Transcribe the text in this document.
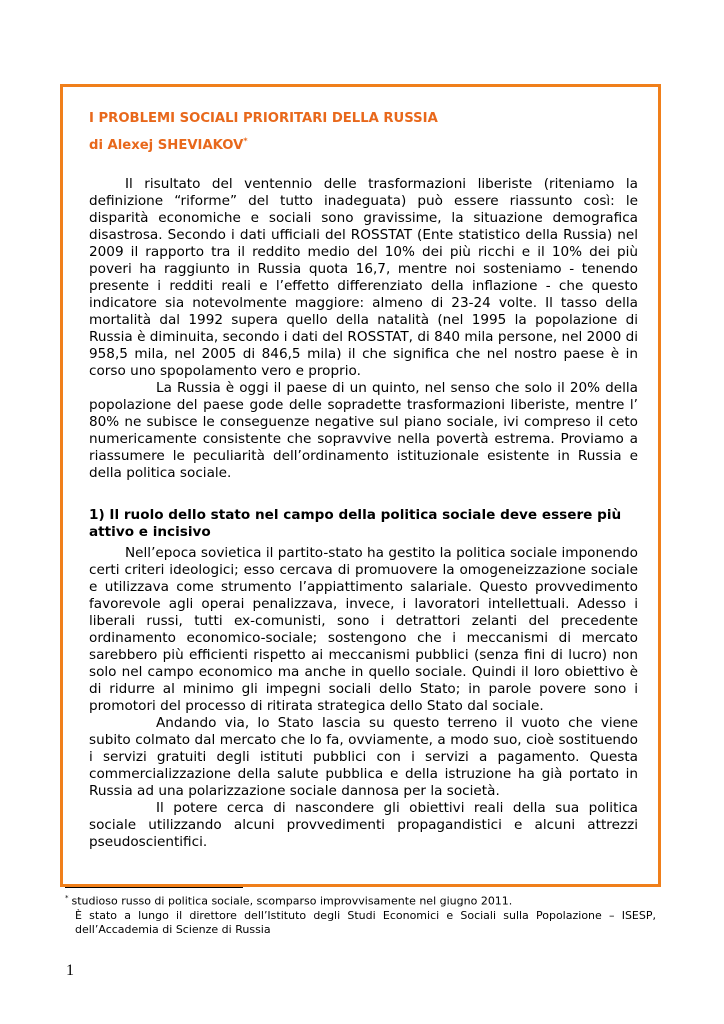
I PROBLEMI SOCIALI PRIORITARI DELLA RUSSIA
di Alexej SHEVIAKOV*

Il risultato del ventennio delle trasformazioni liberiste (riteniamo la definizione “riforme” del tutto inadeguata) può essere riassunto così: le disparità economiche e sociali sono gravissime, la situazione demografica disastrosa. Secondo i dati ufficiali del ROSSTAT (Ente statistico della Russia) nel 2009 il rapporto tra il reddito medio del 10% dei più ricchi e il 10% dei più poveri ha raggiunto in Russia quota 16,7, mentre noi sosteniamo - tenendo presente i redditi reali e l’effetto differenziato della inflazione - che questo indicatore sia notevolmente maggiore: almeno di 23-24 volte. Il tasso della mortalità dal 1992 supera quello della natalità (nel 1995 la popolazione di Russia è diminuita, secondo i dati del ROSSTAT, di 840 mila persone, nel 2000 di 958,5 mila, nel 2005 di 846,5 mila) il che significa che nel nostro paese è in corso uno spopolamento vero e proprio.

La Russia è oggi il paese di un quinto, nel senso che solo il 20% della popolazione del paese gode delle sopradette trasformazioni liberiste, mentre l’ 80% ne subisce le conseguenze negative sul piano sociale, ivi compreso il ceto numericamente consistente che sopravvive nella povertà estrema. Proviamo a riassumere le peculiarità dell’ordinamento istituzionale esistente in Russia e della politica sociale.

1) Il ruolo dello stato nel campo della politica sociale deve essere più attivo e incisivo

Nell’epoca sovietica il partito-stato ha gestito la politica sociale imponendo certi criteri ideologici; esso cercava di promuovere la omogeneizzazione sociale e utilizzava come strumento l’appiattimento salariale. Questo provvedimento favorevole agli operai penalizzava, invece, i lavoratori intellettuali. Adesso i liberali russi, tutti ex-comunisti, sono i detrattori zelanti del precedente ordinamento economico-sociale; sostengono che i meccanismi di mercato sarebbero più efficienti rispetto ai meccanismi pubblici (senza fini di lucro) non solo nel campo economico ma anche in quello sociale. Quindi il loro obiettivo è di ridurre al minimo gli impegni sociali dello Stato; in parole povere sono i promotori del processo di ritirata strategica dello Stato dal sociale.

Andando via, lo Stato lascia su questo terreno il vuoto che viene subito colmato dal mercato che lo fa, ovviamente, a modo suo, cioè sostituendo i servizi gratuiti degli istituti pubblici con i servizi a pagamento. Questa commercializzazione della salute pubblica e della istruzione ha già portato in Russia ad una polarizzazione sociale dannosa per la società.

Il potere cerca di nascondere gli obiettivi reali della sua politica sociale utilizzando alcuni provvedimenti propagandistici e alcuni attrezzi pseudoscientifici.

* studioso russo di politica sociale, scomparso improvvisamente nel giugno 2011.
È stato a lungo il direttore dell’Istituto degli Studi Economici e Sociali sulla Popolazione – ISESP, dell’Accademia di Scienze di Russia
1
